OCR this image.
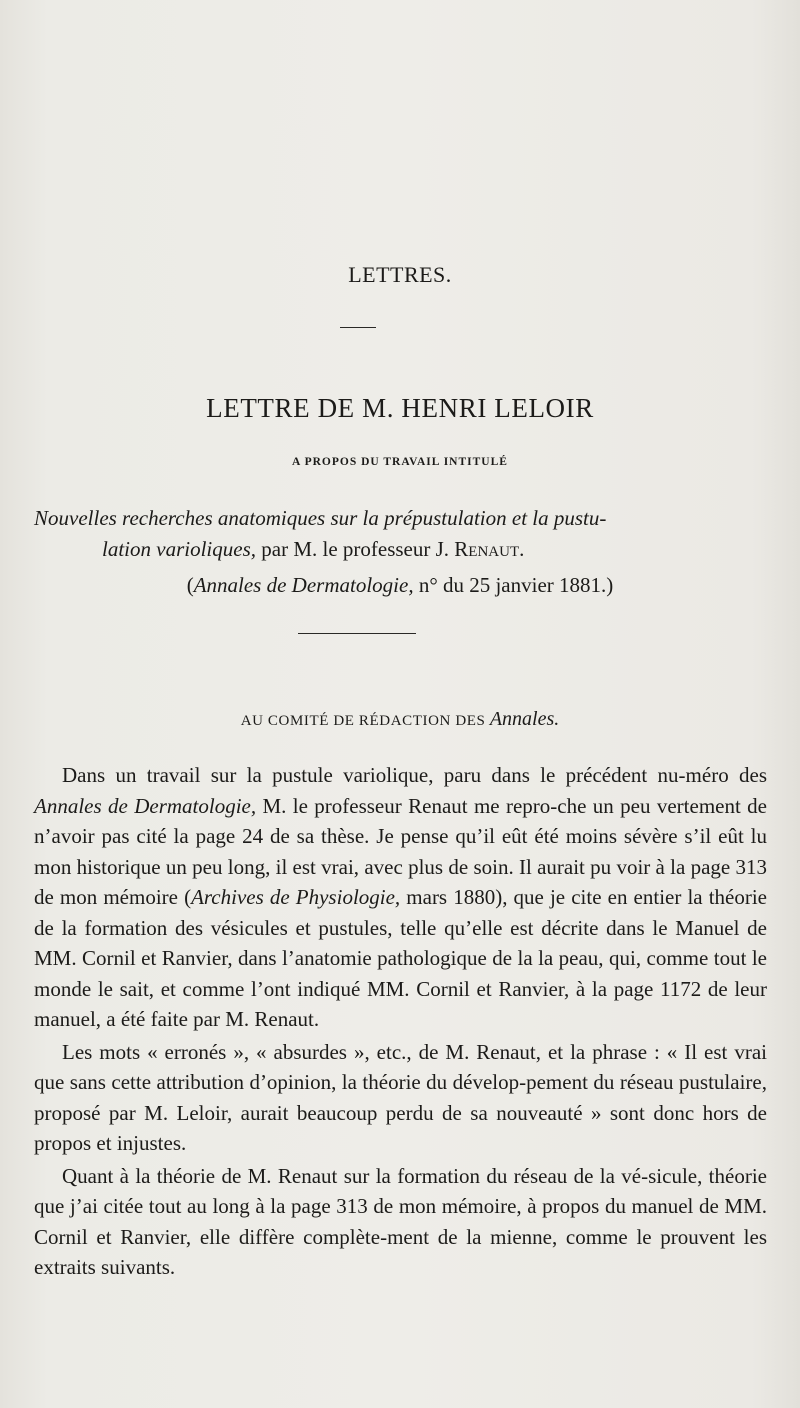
LETTRES.
LETTRE DE M. HENRI LELOIR
A PROPOS DU TRAVAIL INTITULÉ
Nouvelles recherches anatomiques sur la prépustulation et la pustu-
lation varioliques, par M. le professeur J. Renaut.
(Annales de Dermatologie, n° du 25 janvier 1881.)
AU COMITÉ DE RÉDACTION DES Annales.

Dans un travail sur la pustule variolique, paru dans le précédent nu-méro des Annales de Dermatologie, M. le professeur Renaut me repro-che un peu vertement de n’avoir pas cité la page 24 de sa thèse. Je pense qu’il eût été moins sévère s’il eût lu mon historique un peu long, il est vrai, avec plus de soin. Il aurait pu voir à la page 313 de mon mémoire (Archives de Physiologie, mars 1880), que je cite en entier la théorie de la formation des vésicules et pustules, telle qu’elle est décrite dans le Manuel de MM. Cornil et Ranvier, dans l’anatomie pathologique de la la peau, qui, comme tout le monde le sait, et comme l’ont indiqué MM. Cornil et Ranvier, à la page 1172 de leur manuel, a été faite par M. Renaut.

Les mots « erronés », « absurdes », etc., de M. Renaut, et la phrase : « Il est vrai que sans cette attribution d’opinion, la théorie du dévelop-pement du réseau pustulaire, proposé par M. Leloir, aurait beaucoup perdu de sa nouveauté » sont donc hors de propos et injustes.

Quant à la théorie de M. Renaut sur la formation du réseau de la vé-sicule, théorie que j’ai citée tout au long à la page 313 de mon mémoire, à propos du manuel de MM. Cornil et Ranvier, elle diffère complète-ment de la mienne, comme le prouvent les extraits suivants.
